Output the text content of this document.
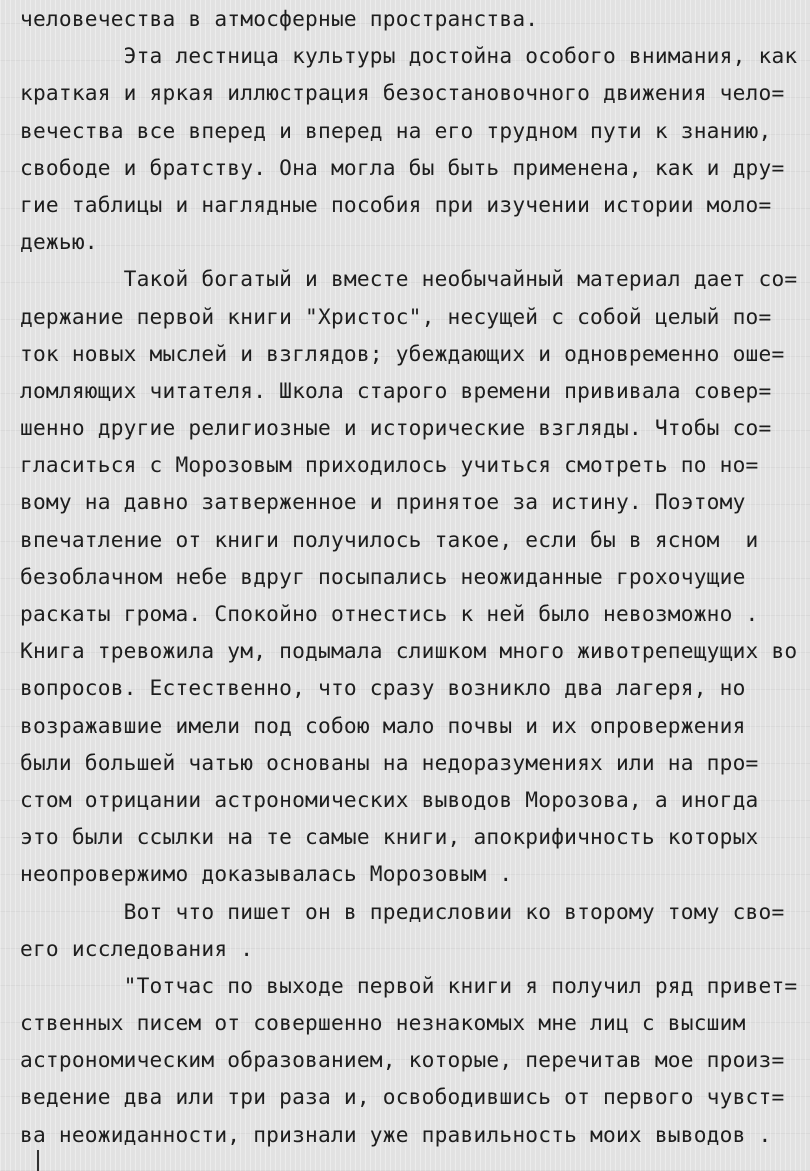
человечества в атмосферные пространства.
Эта лестница культуры достойна особого внимания, как
краткая и яркая иллюстрация безостановочного движения чело=
вечества все вперед и вперед на его трудном пути к знанию,
свободе и братству. Она могла бы быть применена, как и дру=
гие таблицы и наглядные пособия при изучении истории моло=
дежью.
Такой богатый и вместе необычайный материал дает со=
держание первой книги "Христос", несущей с собой целый по=
ток новых мыслей и взглядов; убеждающих и одновременно оше=
ломляющих читателя. Школа старого времени прививала совер=
шенно другие религиозные и исторические взгляды. Чтобы со=
гласиться с Морозовым приходилось учиться смотреть по но=
вому на давно затверженное и принятое за истину. Поэтому
впечатление от книги получилось такое, если бы в ясном  и
безоблачном небе вдруг посыпались неожиданные грохочущие
раскаты грома. Спокойно отнестись к ней было невозможно .
Книга тревожила ум, подымала слишком много животрепещущих во
вопросов. Естественно, что сразу возникло два лагеря, но
возражавшие имели под собою мало почвы и их опровержения
были большей чатью основаны на недоразумениях или на про=
стом отрицании астрономических выводов Морозова, а иногда
это были ссылки на те самые книги, апокрифичность которых
неопровержимо доказывалась Морозовым .
Вот что пишет он в предисловии ко второму тому сво=
его исследования .
"Тотчас по выходе первой книги я получил ряд привет=
ственных писем от совершенно незнакомых мне лиц с высшим
астрономическим образованием, которые, перечитав мое произ=
ведение два или три раза и, освободившись от первого чувст=
ва неожиданности, признали уже правильность моих выводов .
